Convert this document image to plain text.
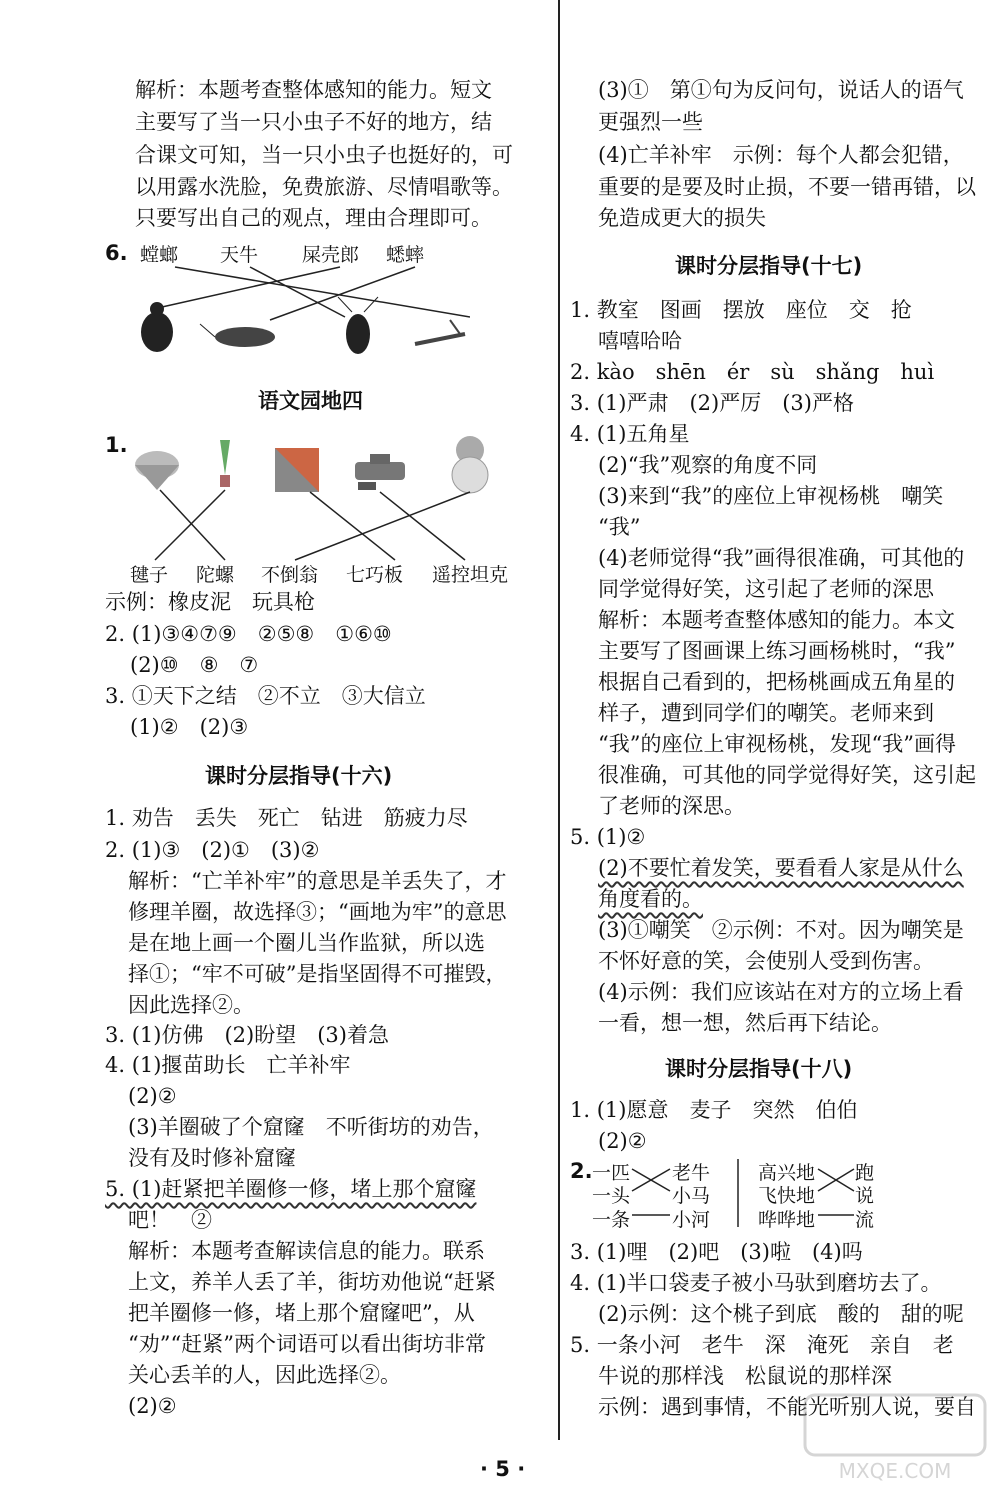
解析：本题考查整体感知的能力。短文
主要写了当一只小虫子不好的地方，结
合课文可知，当一只小虫子也挺好的，可
以用露水洗脸，免费旅游、尽情唱歌等。
只要写出自己的观点，理由合理即可。
6. 螳螂 天牛 屎壳郎 蟋蟀
语文园地四
1.
毽子 陀螺 不倒翁 七巧板 遥控坦克
示例：橡皮泥　玩具枪
2. (1)③④⑦⑨　②⑤⑧　①⑥⑩
(2)⑩　⑧　⑦
3. ①天下之结　②不立　③大信立
(1)②　(2)③
课时分层指导(十六)
1. 劝告　丢失　死亡　钻进　筋疲力尽
2. (1)③　(2)①　(3)②
解析：“亡羊补牢”的意思是羊丢失了，才
修理羊圈，故选择③；“画地为牢”的意思
是在地上画一个圈儿当作监狱，所以选
择①；“牢不可破”是指坚固得不可摧毁，
因此选择②。
3. (1)仿佛　(2)盼望　(3)着急
4. (1)揠苗助长　亡羊补牢
(2)②
(3)羊圈破了个窟窿　不听街坊的劝告，
没有及时修补窟窿
5. (1)赶紧把羊圈修一修，堵上那个窟窿
吧！　②
解析：本题考查解读信息的能力。联系
上文，养羊人丢了羊，街坊劝他说“赶紧
把羊圈修一修，堵上那个窟窿吧”，从
“劝”“赶紧”两个词语可以看出街坊非常
关心丢羊的人，因此选择②。
(2)②
(3)①　第①句为反问句，说话人的语气
更强烈一些
(4)亡羊补牢　示例：每个人都会犯错，
重要的是要及时止损，不要一错再错，以
免造成更大的损失
课时分层指导(十七)
1. 教室　图画　摆放　座位　交　抢
嘻嘻哈哈
2. kào　shēn　ér　sù　shǎng　huì
3. (1)严肃　(2)严厉　(3)严格
4. (1)五角星
(2)“我”观察的角度不同
(3)来到“我”的座位上审视杨桃　嘲笑
“我”
(4)老师觉得“我”画得很准确，可其他的
同学觉得好笑，这引起了老师的深思
解析：本题考查整体感知的能力。本文
主要写了图画课上练习画杨桃时，“我”
根据自己看到的，把杨桃画成五角星的
样子，遭到同学们的嘲笑。老师来到
“我”的座位上审视杨桃，发现“我”画得
很准确，可其他的同学觉得好笑，这引起
了老师的深思。
5. (1)②
(2)不要忙着发笑，要看看人家是从什么
角度看的。
(3)①嘲笑　②示例：不对。因为嘲笑是
不怀好意的笑，会使别人受到伤害。
(4)示例：我们应该站在对方的立场上看
一看，想一想，然后再下结论。
课时分层指导(十八)
1. (1)愿意　麦子　突然　伯伯
(2)②
2. 一匹
一头
一条
老牛
小马
小河
高兴地
飞快地
哗哗地
跑
说
流
3. (1)哩　(2)吧　(3)啦　(4)吗
4. (1)半口袋麦子被小马驮到磨坊去了。
(2)示例：这个桃子到底　酸的　甜的呢
5. 一条小河　老牛　深　淹死　亲自　老
牛说的那样浅　松鼠说的那样深
示例：遇到事情，不能光听别人说，要自
· 5 ·	MXQE.COM
